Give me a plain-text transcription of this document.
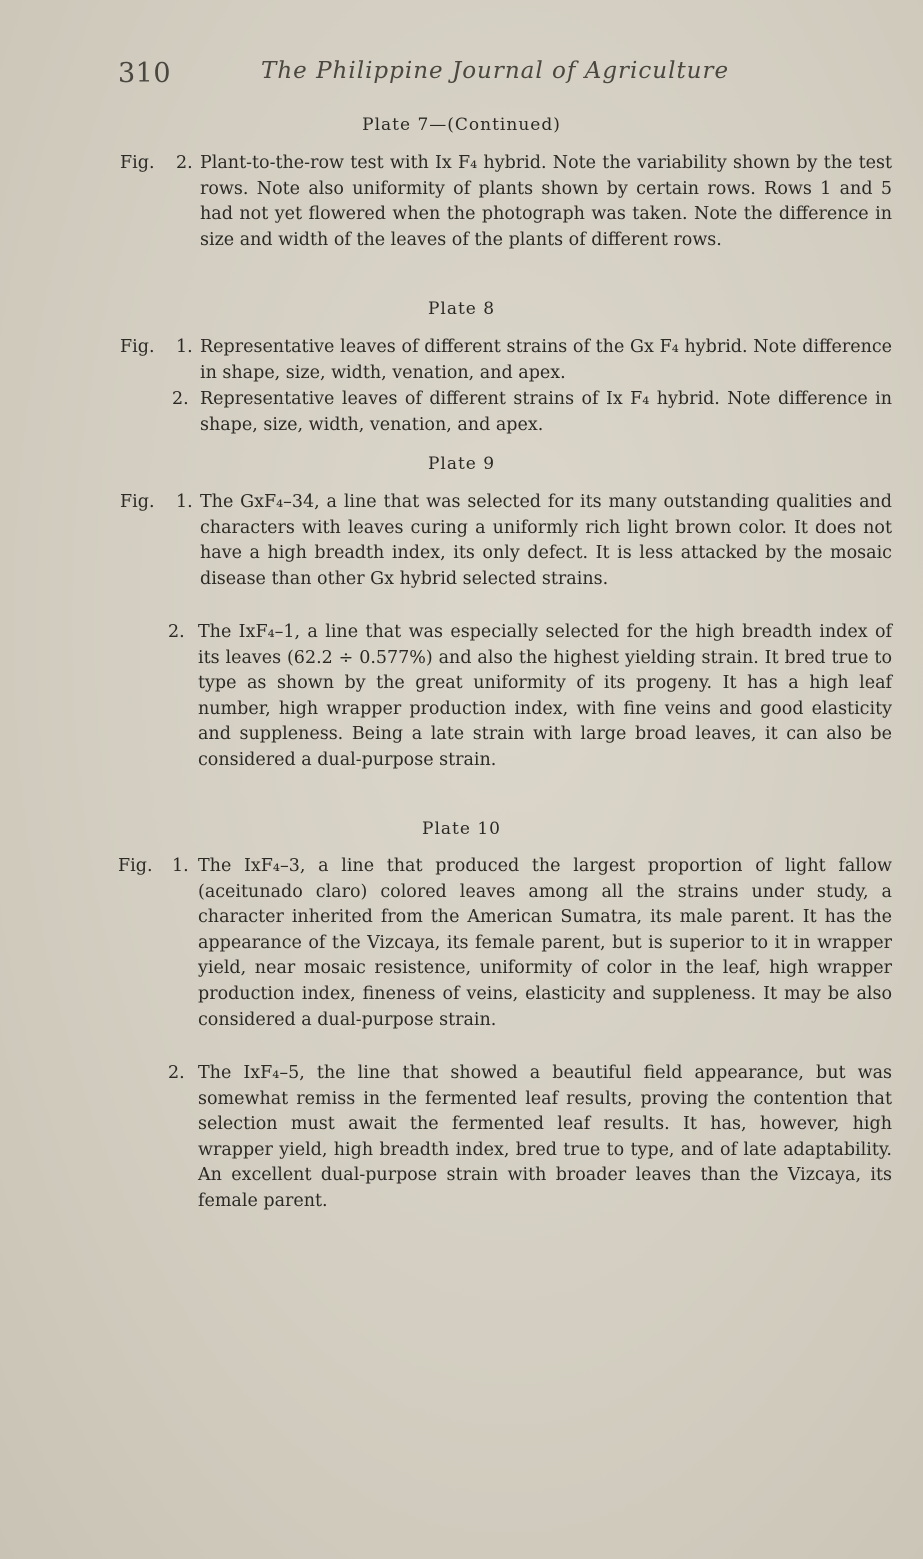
310	The Philippine Journal of Agriculture
Plate 7—(Continued)
Fig. 2. Plant-to-the-row test with Ix F₄ hybrid. Note the variability shown by the test rows. Note also uniformity of plants shown by certain rows. Rows 1 and 5 had not yet flowered when the photograph was taken. Note the difference in size and width of the leaves of the plants of different rows.
Plate 8
Fig. 1. Representative leaves of different strains of the Gx F₄ hybrid. Note difference in shape, size, width, venation, and apex.
2. Representative leaves of different strains of Ix F₄ hybrid. Note difference in shape, size, width, venation, and apex.
Plate 9
Fig. 1. The GxF₄–34, a line that was selected for its many outstanding qualities and characters with leaves curing a uniformly rich light brown color. It does not have a high breadth index, its only defect. It is less attacked by the mosaic disease than other Gx hybrid selected strains.
2. The IxF₄–1, a line that was especially selected for the high breadth index of its leaves (62.2 ÷ 0.577%) and also the highest yielding strain. It bred true to type as shown by the great uniformity of its progeny. It has a high leaf number, high wrapper production index, with fine veins and good elasticity and suppleness. Being a late strain with large broad leaves, it can also be considered a dual-purpose strain.
Plate 10
Fig. 1. The IxF₄–3, a line that produced the largest proportion of light fallow (aceitunado claro) colored leaves among all the strains under study, a character inherited from the American Sumatra, its male parent. It has the appearance of the Vizcaya, its female parent, but is superior to it in wrapper yield, near mosaic resistence, uniformity of color in the leaf, high wrapper production index, fineness of veins, elasticity and suppleness. It may be also considered a dual-purpose strain.
2. The IxF₄–5, the line that showed a beautiful field appearance, but was somewhat remiss in the fermented leaf results, proving the contention that selection must await the fermented leaf results. It has, however, high wrapper yield, high breadth index, bred true to type, and of late adaptability. An excellent dual-purpose strain with broader leaves than the Vizcaya, its female parent.
